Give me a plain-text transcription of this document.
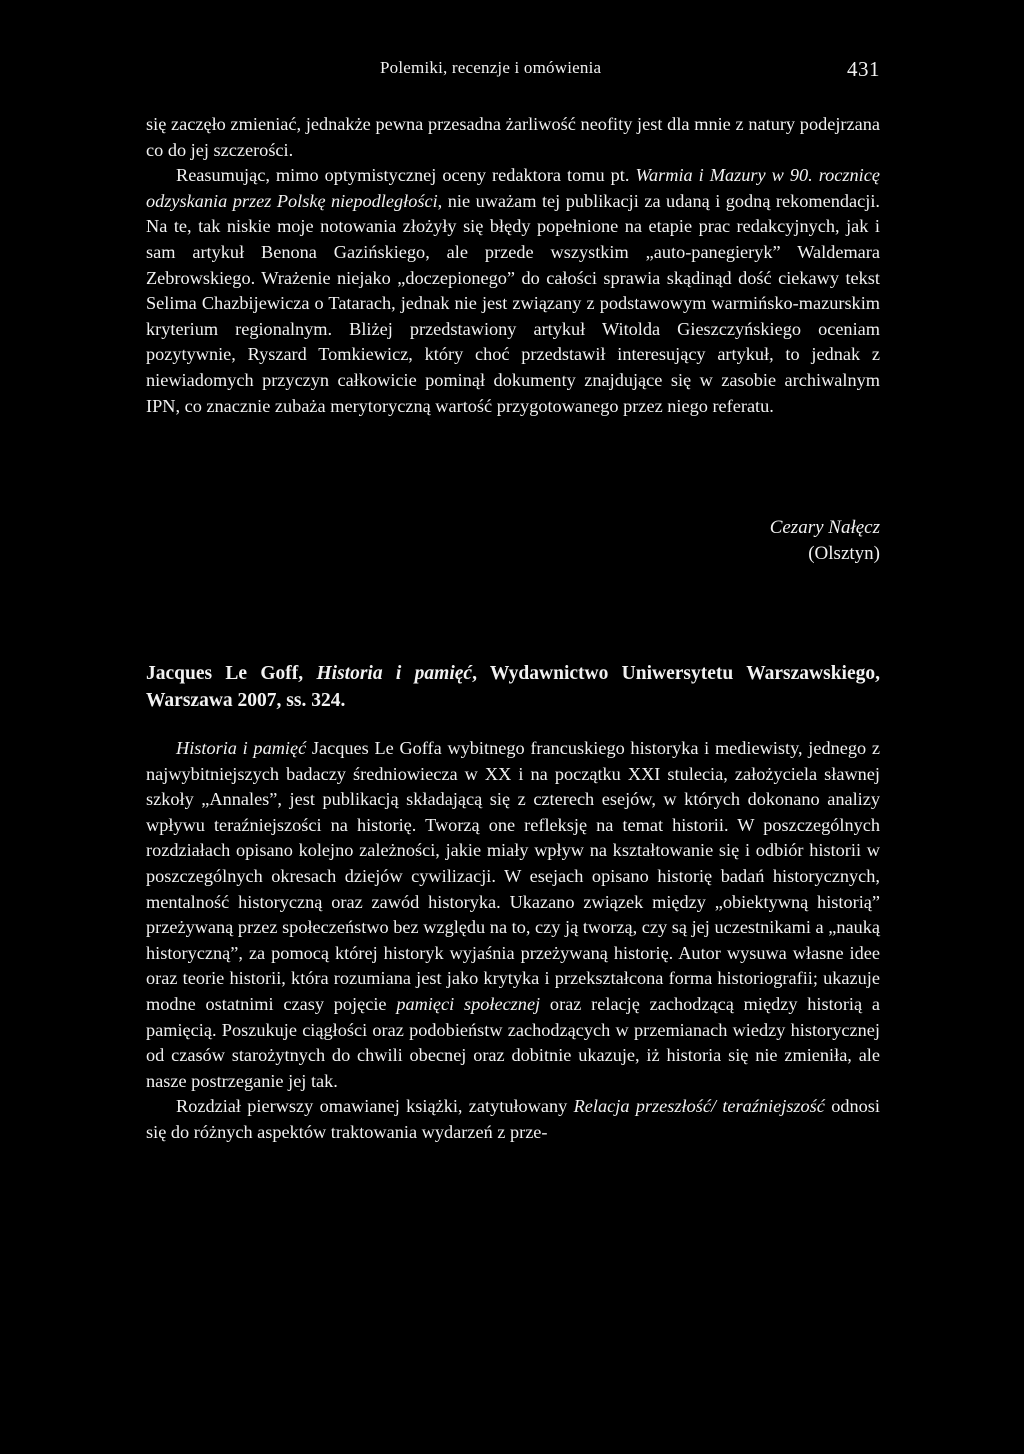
Polemiki, recenzje i omówienia	431

się zaczęło zmieniać, jednakże pewna przesadna żarliwość neofity jest dla mnie z natury podejrzana co do jej szczerości.

Reasumując, mimo optymistycznej oceny redaktora tomu pt. Warmia i Mazury w 90. rocznicę odzyskania przez Polskę niepodległości, nie uważam tej publikacji za udaną i godną rekomendacji. Na te, tak niskie moje notowania złożyły się błędy popełnione na etapie prac redakcyjnych, jak i sam artykuł Benona Gazińskiego, ale przede wszystkim „auto-panegieryk” Waldemara Zebrowskiego. Wrażenie niejako „doczepionego” do całości sprawia skądinąd dość ciekawy tekst Selima Chazbijewicza o Tatarach, jednak nie jest związany z podstawowym warmińsko-mazurskim kryterium regionalnym. Bliżej przedstawiony artykuł Witolda Gieszczyńskiego oceniam pozytywnie, Ryszard Tomkiewicz, który choć przedstawił interesujący artykuł, to jednak z niewiadomych przyczyn całkowicie pominął dokumenty znajdujące się w zasobie archiwalnym IPN, co znacznie zubaża merytoryczną wartość przygotowanego przez niego referatu.

Cezary Nałęcz
(Olsztyn)
Jacques Le Goff, Historia i pamięć, Wydawnictwo Uniwersytetu Warszawskiego, Warszawa 2007, ss. 324.

Historia i pamięć Jacques Le Goffa wybitnego francuskiego historyka i mediewisty, jednego z najwybitniejszych badaczy średniowiecza w XX i na początku XXI stulecia, założyciela sławnej szkoły „Annales”, jest publikacją składającą się z czterech esejów, w których dokonano analizy wpływu teraźniejszości na historię. Tworzą one refleksję na temat historii. W poszczególnych rozdziałach opisano kolejno zależności, jakie miały wpływ na kształtowanie się i odbiór historii w poszczególnych okresach dziejów cywilizacji. W esejach opisano historię badań historycznych, mentalność historyczną oraz zawód historyka. Ukazano związek między „obiektywną historią” przeżywaną przez społeczeństwo bez względu na to, czy ją tworzą, czy są jej uczestnikami a „nauką historyczną”, za pomocą której historyk wyjaśnia przeżywaną historię. Autor wysuwa własne idee oraz teorie historii, która rozumiana jest jako krytyka i przekształcona forma historiografii; ukazuje modne ostatnimi czasy pojęcie pamięci społecznej oraz relację zachodzącą między historią a pamięcią. Poszukuje ciągłości oraz podobieństw zachodzących w przemianach wiedzy historycznej od czasów starożytnych do chwili obecnej oraz dobitnie ukazuje, iż historia się nie zmieniła, ale nasze postrzeganie jej tak.

Rozdział pierwszy omawianej książki, zatytułowany Relacja przeszłość/ teraźniejszość odnosi się do różnych aspektów traktowania wydarzeń z prze-
